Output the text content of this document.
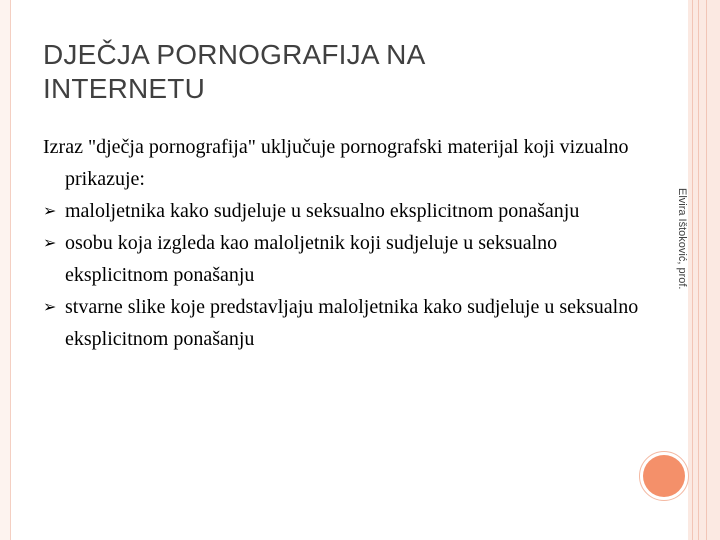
DJEČJA PORNOGRAFIJA NA
INTERNETU
Izraz "dječja pornografija" uključuje pornografski materijal koji vizualno prikazuje:
➢ maloljetnika kako sudjeluje u seksualno eksplicitnom ponašanju
➢ osobu koja izgleda kao maloljetnik koji sudjeluje u seksualno eksplicitnom ponašanju
➢ stvarne slike koje predstavljaju maloljetnika kako sudjeluje u seksualno eksplicitnom ponašanju
Elvira Ištoković, prof.
